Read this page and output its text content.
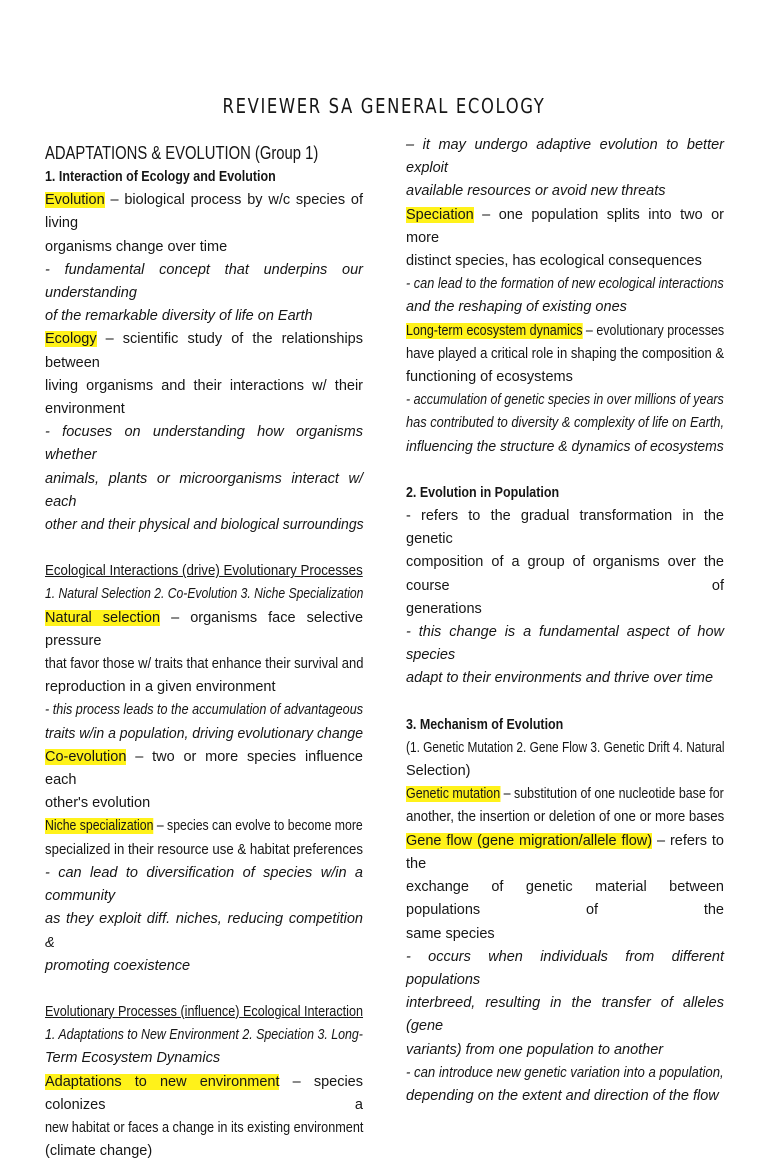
REVIEWER SA GENERAL ECOLOGY
ADAPTATIONS & EVOLUTION (Group 1)
1. Interaction of Ecology and Evolution
Evolution – biological process by w/c species of living
organisms change over time
- fundamental concept that underpins our understanding
of the remarkable diversity of life on Earth
Ecology – scientific study of the relationships between
living organisms and their interactions w/ their
environment
- focuses on understanding how organisms whether
animals, plants or microorganisms interact w/ each
other and their physical and biological surroundings
Ecological Interactions (drive) Evolutionary Processes
1. Natural Selection 2. Co-Evolution 3. Niche Specialization
Natural selection – organisms face selective pressure
that favor those w/ traits that enhance their survival and
reproduction in a given environment
- this process leads to the accumulation of advantageous
traits w/in a population, driving evolutionary change
Co-evolution – two or more species influence each
other's evolution
Niche specialization – species can evolve to become more
specialized in their resource use & habitat preferences
- can lead to diversification of species w/in a community
as they exploit diff. niches, reducing competition &
promoting coexistence
Evolutionary Processes (influence) Ecological Interaction
1. Adaptations to New Environment 2. Speciation 3. Long-
Term Ecosystem Dynamics
Adaptations to new environment – species colonizes a
new habitat or faces a change in its existing environment
(climate change)
– it may undergo adaptive evolution to better exploit
available resources or avoid new threats
Speciation – one population splits into two or more
distinct species, has ecological consequences
- can lead to the formation of new ecological interactions
and the reshaping of existing ones
Long-term ecosystem dynamics – evolutionary processes
have played a critical role in shaping the composition &
functioning of ecosystems
- accumulation of genetic species in over millions of years
has contributed to diversity & complexity of life on Earth,
influencing the structure & dynamics of ecosystems
2. Evolution in Population
- refers to the gradual transformation in the genetic
composition of a group of organisms over the course of
generations
- this change is a fundamental aspect of how species
adapt to their environments and thrive over time
3. Mechanism of Evolution
(1. Genetic Mutation 2. Gene Flow 3. Genetic Drift 4. Natural
Selection)
Genetic mutation – substitution of one nucleotide base for
another, the insertion or deletion of one or more bases
Gene flow (gene migration/allele flow) – refers to the
exchange of genetic material between populations of the
same species
- occurs when individuals from different populations
interbreed, resulting in the transfer of alleles (gene
variants) from one population to another
- can introduce new genetic variation into a population,
depending on the extent and direction of the flow
